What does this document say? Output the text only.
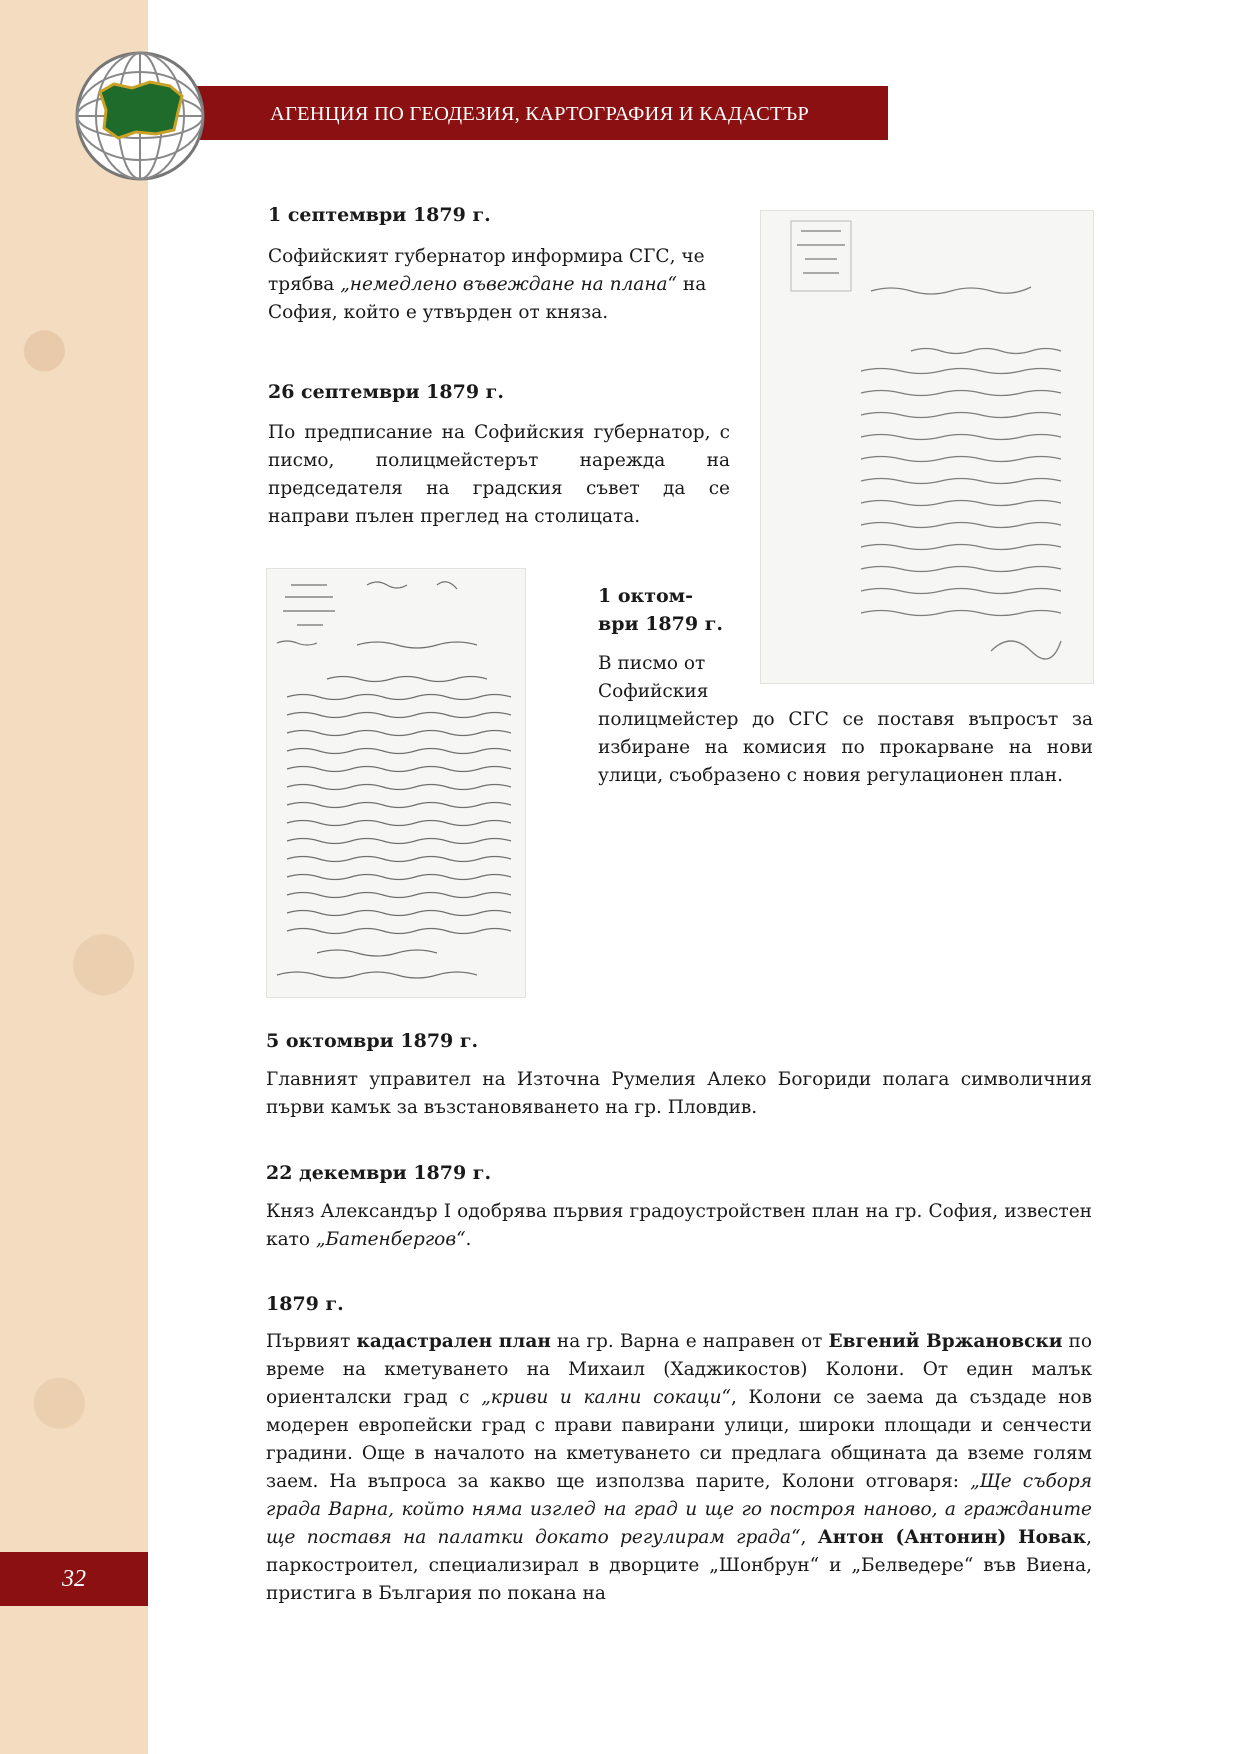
АГЕНЦИЯ ПО ГЕОДЕЗИЯ, КАРТОГРАФИЯ И КАДАСТЪР
32
1 септември 1879 г.
Софийският губернатор информира СГС, че трябва „немедлено въвеждане на плана“ на София, който е утвърден от княза.
26 септември 1879 г.
По предписание на Софийския губернатор, с писмо, полицмейстерът нарежда на председателя на градския съвет да се направи пълен преглед на столицата.
1 октом-
ври 1879 г.
В писмо от
Софийския
полицмейстер до СГС се поставя въпросът за избиране на комисия по прокарване на нови улици, съобразено с новия регулационен план.
5 октомври 1879 г.
Главният управител на Източна Румелия Алеко Богориди полага символичния първи камък за възстановяването на гр. Пловдив.
22 декември 1879 г.
Княз Александър I одобрява първия градоустройствен план на гр. София, известен като „Батенбергов“.
1879 г.
Първият кадастрален план на гр. Варна е направен от Евгений Вржановски по време на кметуването на Михаил (Хаджикостов) Колони. От един малък ориенталски град с „криви и кални сокаци“, Колони се заема да създаде нов модерен европейски град с прави павирани улици, широки площади и сенчести градини. Още в началото на кметуването си предлага общината да вземе голям заем. На въпроса за какво ще използва парите, Колони отговаря: „Ще съборя града Варна, който няма изглед на град и ще го построя наново, а гражданите ще поставя на палатки докато регулирам града“, Антон (Антонин) Новак, паркостроител, специализирал в дворците „Шонбрун“ и „Белведере“ във Виена, пристига в България по покана на
